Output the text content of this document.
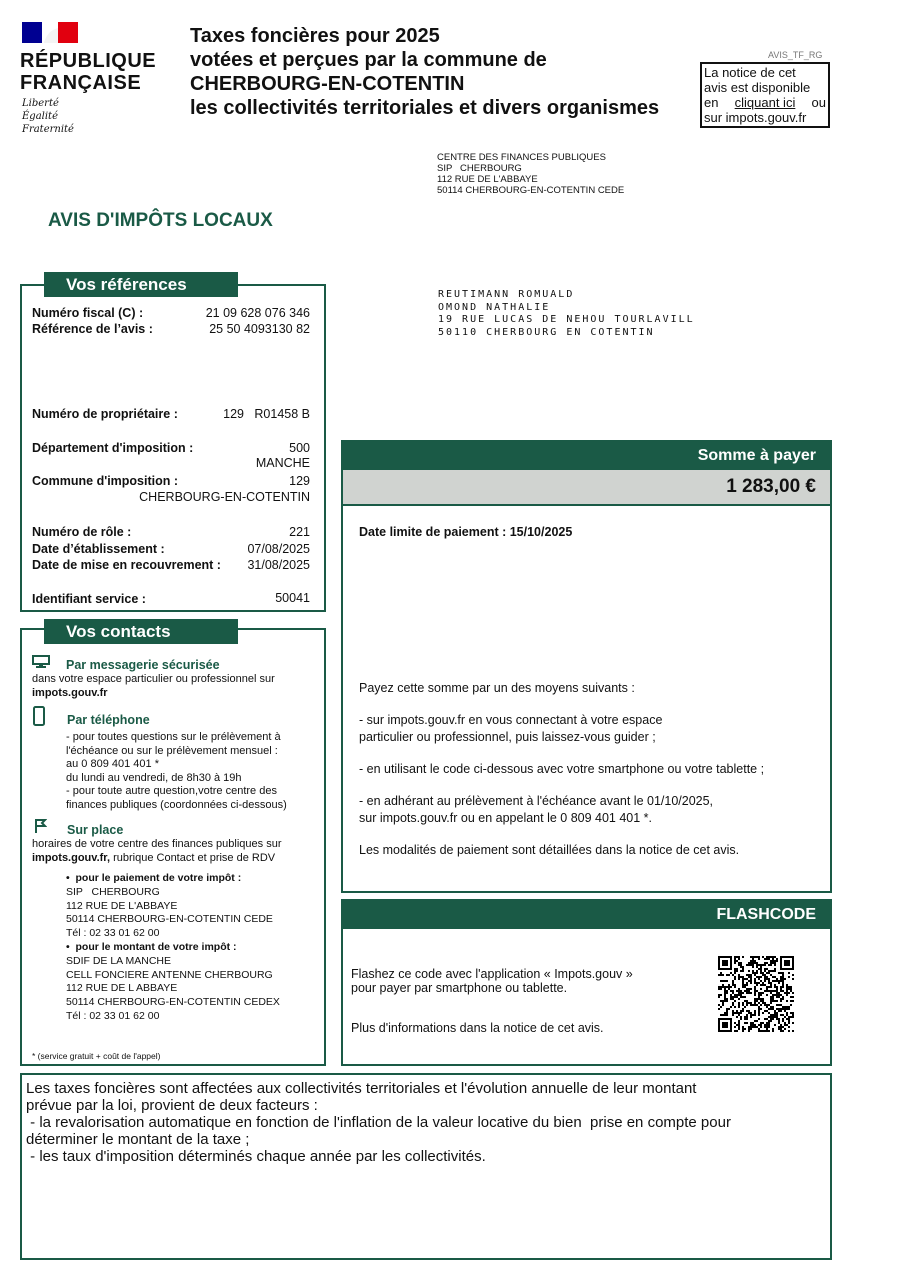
RÉPUBLIQUE
FRANÇAISE
Liberté
Égalité
Fraternité
Taxes foncières pour 2025
votées et perçues par la commune de
CHERBOURG-EN-COTENTIN
les collectivités territoriales et divers organismes
AVIS_TF_RG
La notice de cet
avis est disponible
en cliquant ici ou
sur impots.gouv.fr
CENTRE DES FINANCES PUBLIQUES
SIP   CHERBOURG
112 RUE DE L'ABBAYE
50114 CHERBOURG-EN-COTENTIN CEDE
AVIS D'IMPÔTS LOCAUX
REUTIMANN ROMUALD
OMOND NATHALIE
19 RUE LUCAS DE NEHOU TOURLAVILL
50110 CHERBOURG EN COTENTIN
Vos références
Numéro fiscal (C) :	21 09 628 076 346
Référence de l’avis :	25 50 4093130 82
Numéro de propriétaire :	129   R01458 B
Département d'imposition :	500
MANCHE
Commune d'imposition :	129
CHERBOURG-EN-COTENTIN
Numéro de rôle :	221
Date d’établissement :	07/08/2025
Date de mise en recouvrement :	31/08/2025
Identifiant service :	50041
Vos contacts
Par messagerie sécurisée
dans votre espace particulier ou professionnel sur
impots.gouv.fr
Par téléphone
- pour toutes questions sur le prélèvement à
l'échéance ou sur le prélèvement mensuel :
au 0 809 401 401 *
du lundi au vendredi, de 8h30 à 19h
- pour toute autre question,votre centre des
finances publiques (coordonnées ci-dessous)
Sur place
horaires de votre centre des finances publiques sur
impots.gouv.fr, rubrique Contact et prise de RDV
•  pour le paiement de votre impôt :
SIP   CHERBOURG
112 RUE DE L'ABBAYE
50114 CHERBOURG-EN-COTENTIN CEDE
Tél : 02 33 01 62 00
•  pour le montant de votre impôt :
SDIF DE LA MANCHE
CELL FONCIERE ANTENNE CHERBOURG
112 RUE DE L ABBAYE
50114 CHERBOURG-EN-COTENTIN CEDEX
Tél : 02 33 01 62 00
* (service gratuit + coût de l'appel)
Somme à payer
1 283,00 €
Date limite de paiement : 15/10/2025
Payez cette somme par un des moyens suivants :
- sur impots.gouv.fr en vous connectant à votre espace
particulier ou professionnel, puis laissez-vous guider ;
- en utilisant le code ci-dessous avec votre smartphone ou votre tablette ;
- en adhérant au prélèvement à l'échéance avant le 01/10/2025,
sur impots.gouv.fr ou en appelant le 0 809 401 401 *.
Les modalités de paiement sont détaillées dans la notice de cet avis.
FLASHCODE
Flashez ce code avec l'application « Impots.gouv »
pour payer par smartphone ou tablette.
Plus d'informations dans la notice de cet avis.
Les taxes foncières sont affectées aux collectivités territoriales et l'évolution annuelle de leur montant
prévue par la loi, provient de deux facteurs :
- la revalorisation automatique en fonction de l'inflation de la valeur locative du bien  prise en compte pour
déterminer le montant de la taxe ;
- les taux d'imposition déterminés chaque année par les collectivités.
